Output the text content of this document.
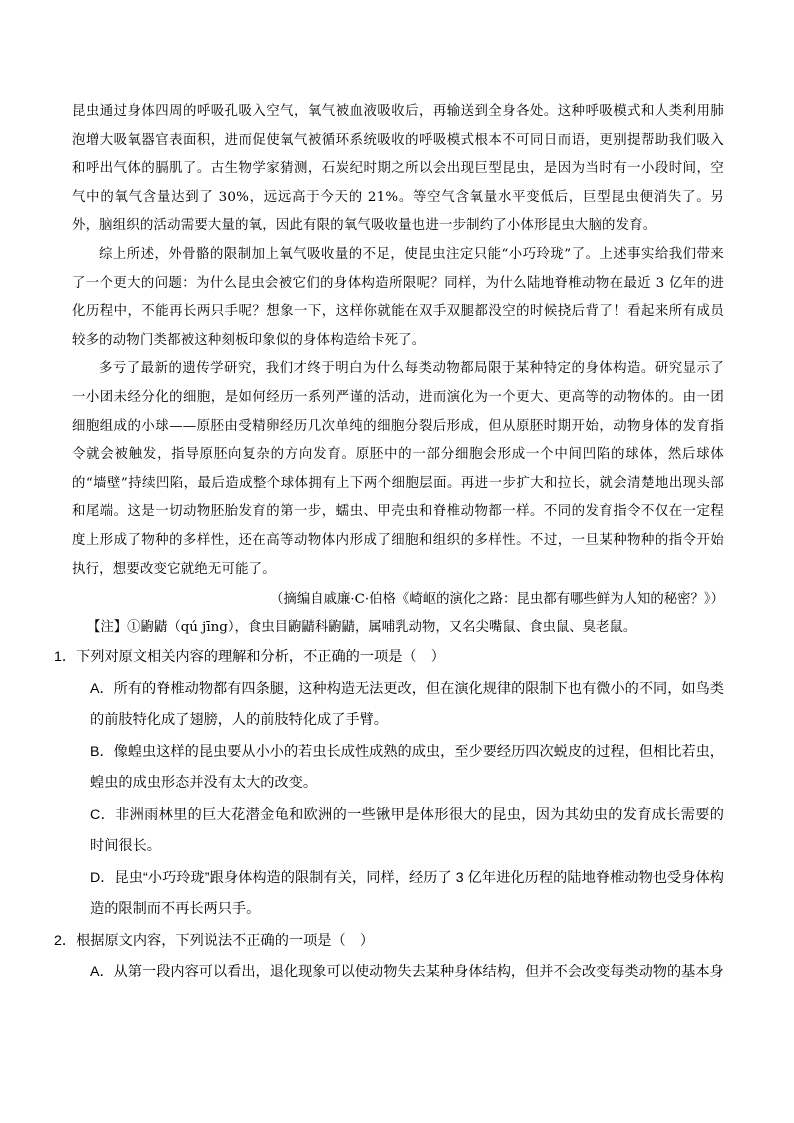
昆虫通过身体四周的呼吸孔吸入空气，氧气被血液吸收后，再输送到全身各处。这种呼吸模式和人类利用肺泡增大吸氧器官表面积，进而促使氧气被循环系统吸收的呼吸模式根本不可同日而语，更别提帮助我们吸入和呼出气体的膈肌了。古生物学家猜测，石炭纪时期之所以会出现巨型昆虫，是因为当时有一小段时间，空气中的氧气含量达到了 30%，远远高于今天的 21%。等空气含氧量水平变低后，巨型昆虫便消失了。另外，脑组织的活动需要大量的氧，因此有限的氧气吸收量也进一步制约了小体形昆虫大脑的发育。

综上所述，外骨骼的限制加上氧气吸收量的不足，使昆虫注定只能“小巧玲珑”了。上述事实给我们带来了一个更大的问题：为什么昆虫会被它们的身体构造所限呢？同样，为什么陆地脊椎动物在最近 3 亿年的进化历程中，不能再长两只手呢？想象一下，这样你就能在双手双腿都没空的时候挠后背了！看起来所有成员较多的动物门类都被这种刻板印象似的身体构造给卡死了。

多亏了最新的遗传学研究，我们才终于明白为什么每类动物都局限于某种特定的身体构造。研究显示了一小团未经分化的细胞，是如何经历一系列严谨的活动，进而演化为一个更大、更高等的动物体的。由一团细胞组成的小球——原胚由受精卵经历几次单纯的细胞分裂后形成，但从原胚时期开始，动物身体的发育指令就会被触发，指导原胚向复杂的方向发育。原胚中的一部分细胞会形成一个中间凹陷的球体，然后球体的“墙壁”持续凹陷，最后造成整个球体拥有上下两个细胞层面。再进一步扩大和拉长，就会清楚地出现头部和尾端。这是一切动物胚胎发育的第一步，蠕虫、甲壳虫和脊椎动物都一样。不同的发育指令不仅在一定程度上形成了物种的多样性，还在高等动物体内形成了细胞和组织的多样性。不过，一旦某种物种的指令开始执行，想要改变它就绝无可能了。

（摘编自戚廉·C·伯格《崎岖的演化之路：昆虫都有哪些鲜为人知的秘密？》）

【注】①鼩鼱（qú jīng），食虫目鼩鼱科鼩鼱，属哺乳动物，又名尖嘴鼠、食虫鼠、臭老鼠。

1．下列对原文相关内容的理解和分析，不正确的一项是（　）

A．所有的脊椎动物都有四条腿，这种构造无法更改，但在演化规律的限制下也有微小的不同，如鸟类的前肢特化成了翅膀，人的前肢特化成了手臂。

B．像蝗虫这样的昆虫要从小小的若虫长成性成熟的成虫，至少要经历四次蜕皮的过程，但相比若虫，蝗虫的成虫形态并没有太大的改变。

C．非洲雨林里的巨大花潜金龟和欧洲的一些锹甲是体形很大的昆虫，因为其幼虫的发育成长需要的时间很长。

D．昆虫“小巧玲珑”跟身体构造的限制有关，同样，经历了 3 亿年进化历程的陆地脊椎动物也受身体构造的限制而不再长两只手。

2．根据原文内容，下列说法不正确的一项是（　）

A．从第一段内容可以看出，退化现象可以使动物失去某种身体结构，但并不会改变每类动物的基本身
